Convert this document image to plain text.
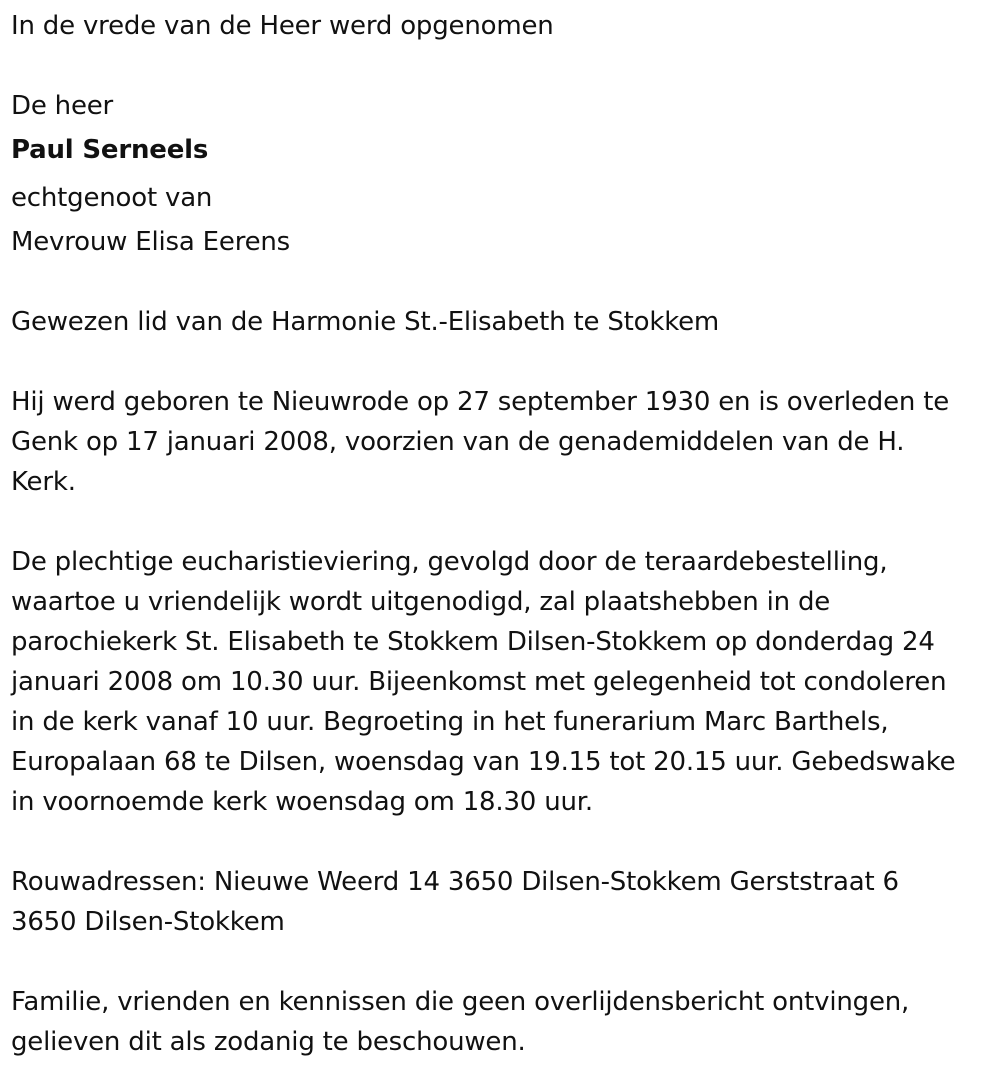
In de vrede van de Heer werd opgenomen
De heer
Paul Serneels
echtgenoot van
Mevrouw Elisa Eerens
Gewezen lid van de Harmonie St.-Elisabeth te Stokkem
Hij werd geboren te Nieuwrode op 27 september 1930 en is overleden te
Genk op 17 januari 2008, voorzien van de genademiddelen van de H.
Kerk.
De plechtige eucharistieviering, gevolgd door de teraardebestelling,
waartoe u vriendelijk wordt uitgenodigd, zal plaatshebben in de
parochiekerk St. Elisabeth te Stokkem Dilsen-Stokkem op donderdag 24
januari 2008 om 10.30 uur. Bijeenkomst met gelegenheid tot condoleren
in de kerk vanaf 10 uur. Begroeting in het funerarium Marc Barthels,
Europalaan 68 te Dilsen, woensdag van 19.15 tot 20.15 uur. Gebedswake
in voornoemde kerk woensdag om 18.30 uur.
Rouwadressen: Nieuwe Weerd 14 3650 Dilsen-Stokkem Gerststraat 6
3650 Dilsen-Stokkem
Familie, vrienden en kennissen die geen overlijdensbericht ontvingen,
gelieven dit als zodanig te beschouwen.
